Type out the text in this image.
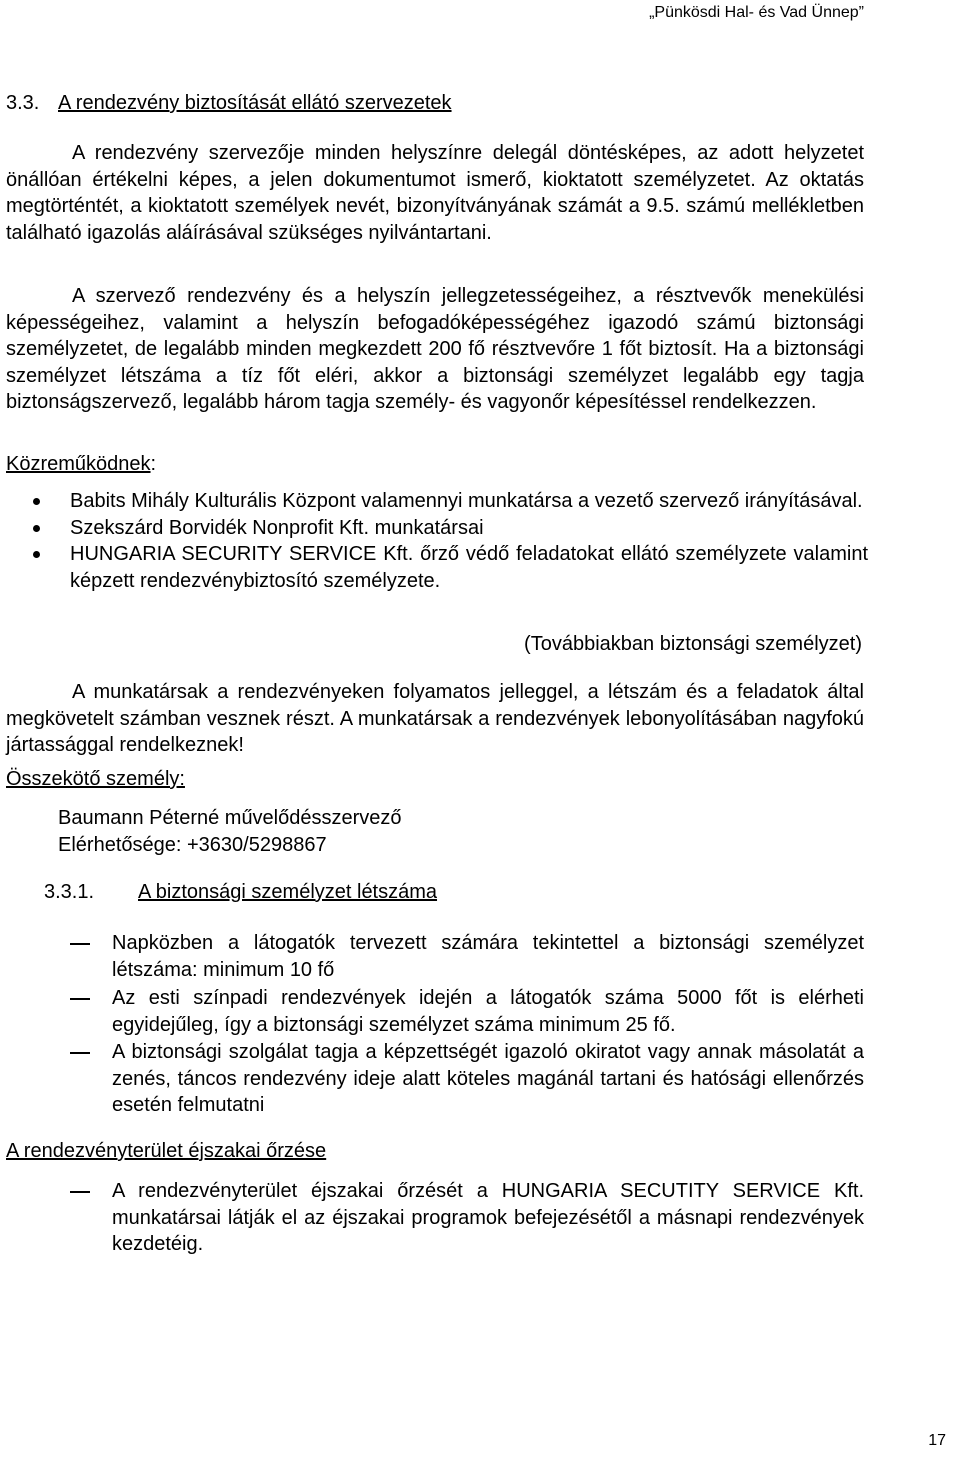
„Pünkösdi Hal- és Vad Ünnep”
3.3. A rendezvény biztosítását ellátó szervezetek
A rendezvény szervezője minden helyszínre delegál döntésképes, az adott helyzetet önállóan értékelni képes, a jelen dokumentumot ismerő, kioktatott személyzetet. Az oktatás megtörténtét, a kioktatott személyek nevét, bizonyítványának számát a 9.5. számú mellékletben található igazolás aláírásával szükséges nyilvántartani.
A szervező rendezvény és a helyszín jellegzetességeihez, a résztvevők menekülési képességeihez, valamint a helyszín befogadóképességéhez igazodó számú biztonsági személyzetet, de legalább minden megkezdett 200 fő résztvevőre 1 főt biztosít. Ha a biztonsági személyzet létszáma a tíz főt eléri, akkor a biztonsági személyzet legalább egy tagja biztonságszervező, legalább három tagja személy- és vagyonőr képesítéssel rendelkezzen.
Közreműködnek:
Babits Mihály Kulturális Központ valamennyi munkatársa a vezető szervező irányításával.
Szekszárd Borvidék Nonprofit Kft. munkatársai
HUNGARIA SECURITY SERVICE Kft. őrző védő feladatokat ellátó személyzete valamint képzett rendezvénybiztosító személyzete.
(Továbbiakban biztonsági személyzet)
A munkatársak a rendezvényeken folyamatos jelleggel, a létszám és a feladatok által megkövetelt számban vesznek részt. A munkatársak a rendezvények lebonyolításában nagyfokú jártassággal rendelkeznek!
Összekötő személy:
Baumann Péterné művelődésszervező
Elérhetősége: +3630/5298867
3.3.1. A biztonsági személyzet létszáma
Napközben a látogatók tervezett számára tekintettel a biztonsági személyzet létszáma: minimum 10 fő
Az esti színpadi rendezvények idején a látogatók száma 5000 főt is elérheti egyidejűleg, így a biztonsági személyzet száma minimum 25 fő.
A biztonsági szolgálat tagja a képzettségét igazoló okiratot vagy annak másolatát a zenés, táncos rendezvény ideje alatt köteles magánál tartani és hatósági ellenőrzés esetén felmutatni
A rendezvényterület éjszakai őrzése
A rendezvényterület éjszakai őrzését a HUNGARIA SECUTITY SERVICE Kft. munkatársai látják el az éjszakai programok befejezésétől a másnapi rendezvények kezdetéig.
17
